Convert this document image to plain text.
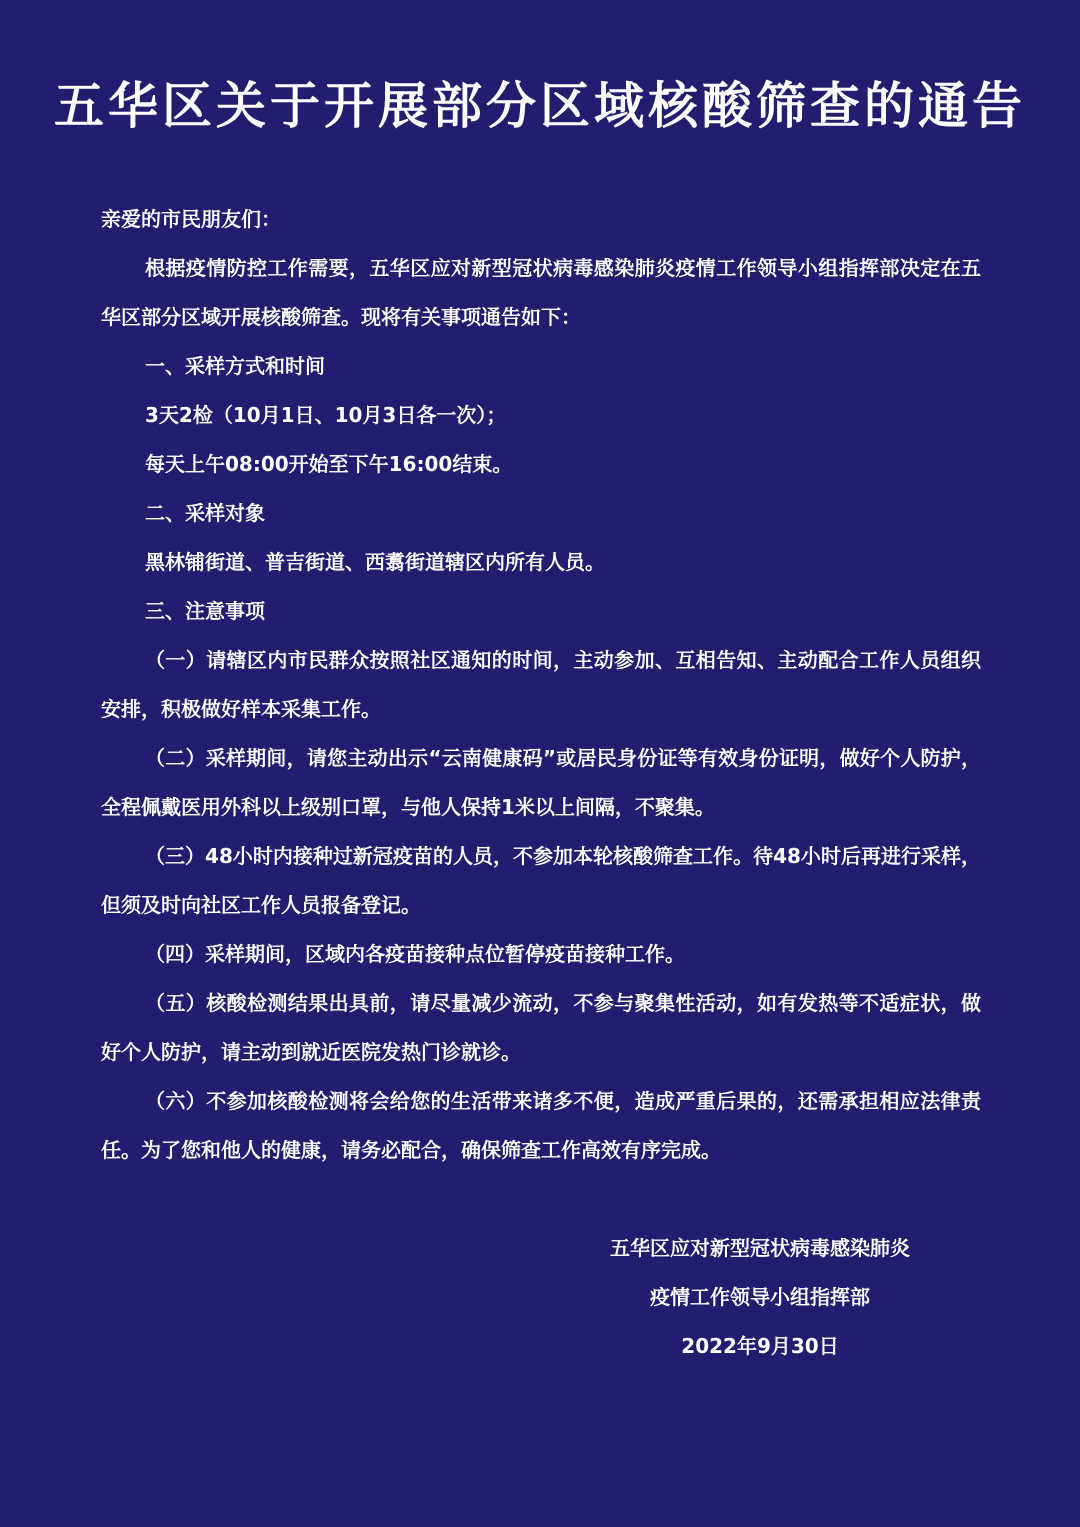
五华区关于开展部分区域核酸筛查的通告

亲爱的市民朋友们：

根据疫情防控工作需要，五华区应对新型冠状病毒感染肺炎疫情工作领导小组指挥部决定在五华区部分区域开展核酸筛查。现将有关事项通告如下：

一、采样方式和时间

3天2检（10月1日、10月3日各一次）；

每天上午08:00开始至下午16:00结束。

二、采样对象

黑林铺街道、普吉街道、西翥街道辖区内所有人员。

三、注意事项

（一）请辖区内市民群众按照社区通知的时间，主动参加、互相告知、主动配合工作人员组织安排，积极做好样本采集工作。

（二）采样期间，请您主动出示“云南健康码”或居民身份证等有效身份证明，做好个人防护，全程佩戴医用外科以上级别口罩，与他人保持1米以上间隔，不聚集。

（三）48小时内接种过新冠疫苗的人员，不参加本轮核酸筛查工作。待48小时后再进行采样，但须及时向社区工作人员报备登记。

（四）采样期间，区域内各疫苗接种点位暂停疫苗接种工作。

（五）核酸检测结果出具前，请尽量减少流动，不参与聚集性活动，如有发热等不适症状，做好个人防护，请主动到就近医院发热门诊就诊。

（六）不参加核酸检测将会给您的生活带来诸多不便，造成严重后果的，还需承担相应法律责任。为了您和他人的健康，请务必配合，确保筛查工作高效有序完成。

五华区应对新型冠状病毒感染肺炎

疫情工作领导小组指挥部

2022年9月30日
